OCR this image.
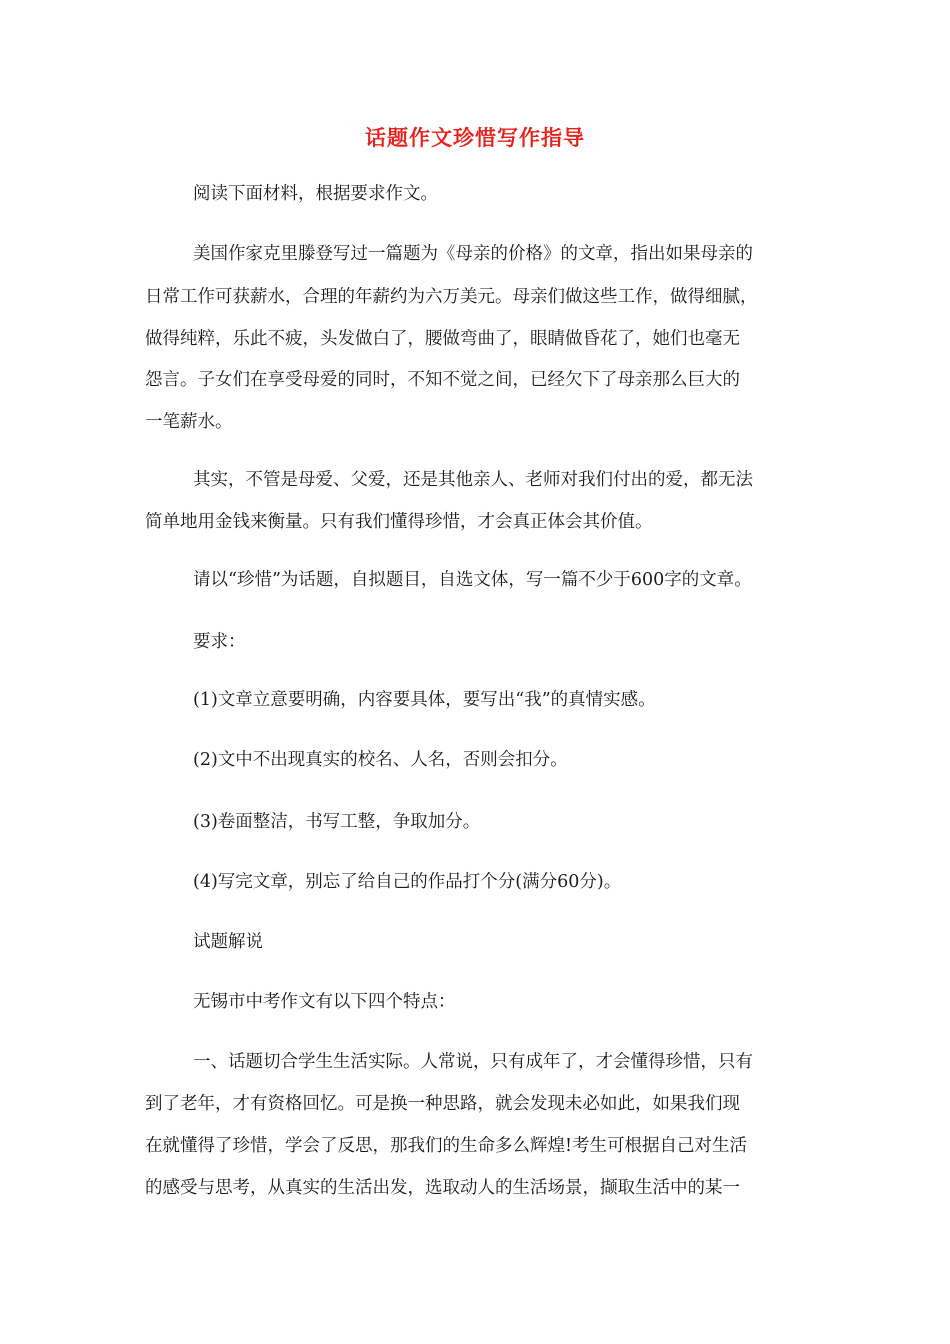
话题作文珍惜写作指导
阅读下面材料，根据要求作文。
美国作家克里滕登写过一篇题为《母亲的价格》的文章，指出如果母亲的
日常工作可获薪水，合理的年薪约为六万美元。母亲们做这些工作，做得细腻，
做得纯粹，乐此不疲，头发做白了，腰做弯曲了，眼睛做昏花了，她们也毫无
怨言。子女们在享受母爱的同时，不知不觉之间，已经欠下了母亲那么巨大的
一笔薪水。
其实，不管是母爱、父爱，还是其他亲人、老师对我们付出的爱，都无法
简单地用金钱来衡量。只有我们懂得珍惜，才会真正体会其价值。
请以“珍惜”为话题，自拟题目，自选文体，写一篇不少于600字的文章。
要求：
(1)文章立意要明确，内容要具体，要写出“我”的真情实感。
(2)文中不出现真实的校名、人名，否则会扣分。
(3)卷面整洁，书写工整，争取加分。
(4)写完文章，别忘了给自己的作品打个分(满分60分)。
试题解说
无锡市中考作文有以下四个特点：
一、话题切合学生生活实际。人常说，只有成年了，才会懂得珍惜，只有
到了老年，才有资格回忆。可是换一种思路，就会发现未必如此，如果我们现
在就懂得了珍惜，学会了反思，那我们的生命多么辉煌!考生可根据自己对生活
的感受与思考，从真实的生活出发，选取动人的生活场景，撷取生活中的某一
